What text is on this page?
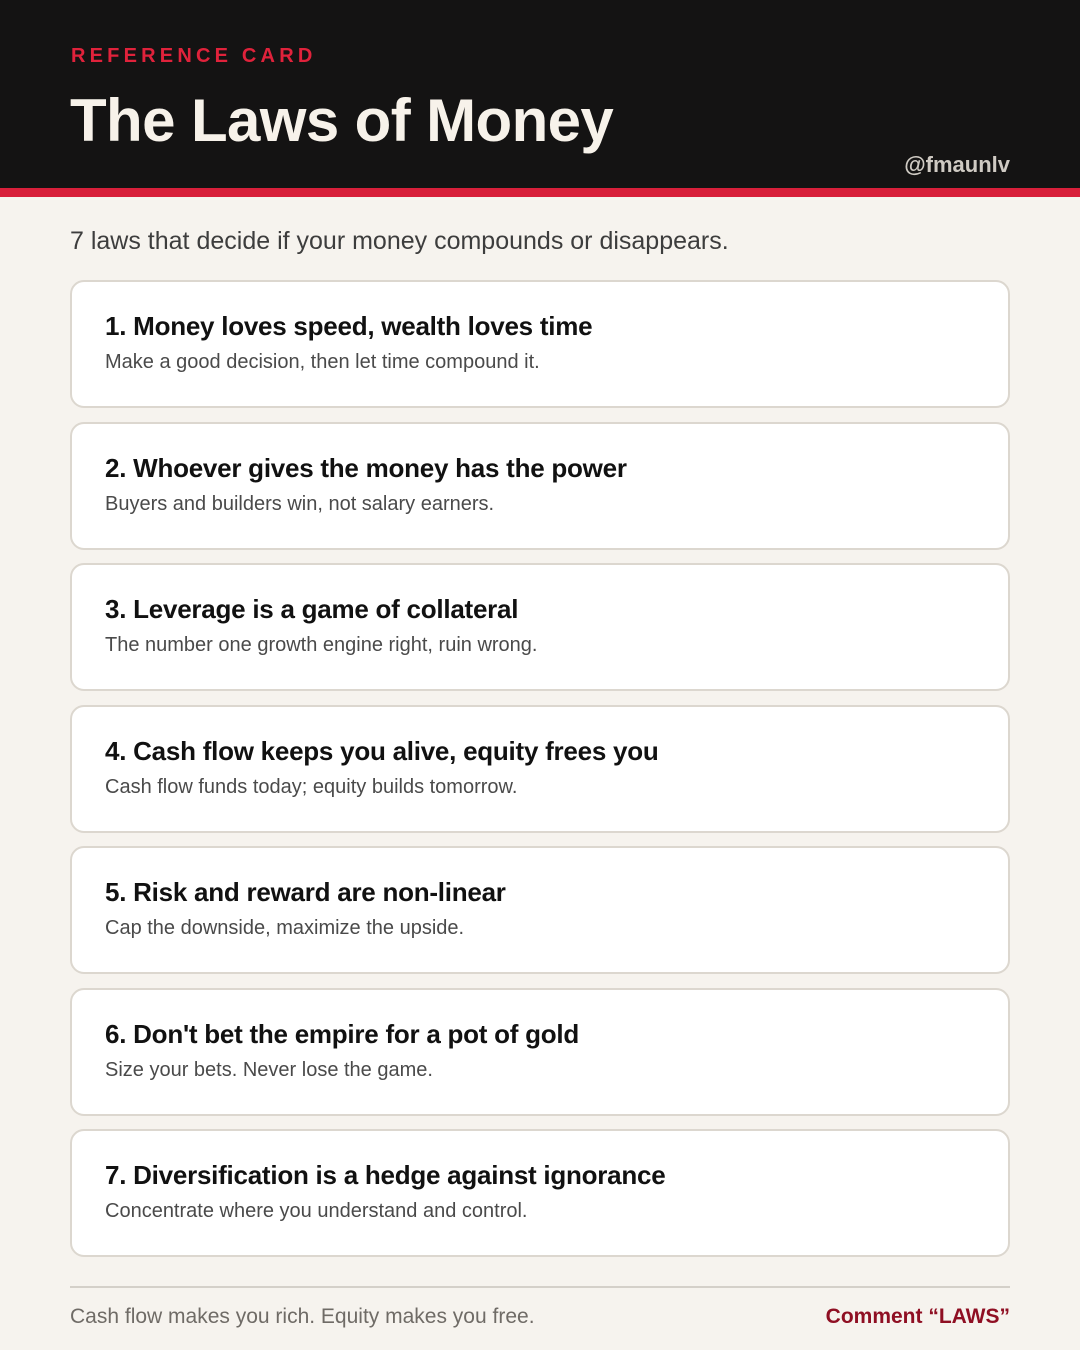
REFERENCE CARD
The Laws of Money
@fmaunlv

7 laws that decide if your money compounds or disappears.

1. Money loves speed, wealth loves time
Make a good decision, then let time compound it.
2. Whoever gives the money has the power
Buyers and builders win, not salary earners.
3. Leverage is a game of collateral
The number one growth engine right, ruin wrong.
4. Cash flow keeps you alive, equity frees you
Cash flow funds today; equity builds tomorrow.
5. Risk and reward are non-linear
Cap the downside, maximize the upside.
6. Don't bet the empire for a pot of gold
Size your bets. Never lose the game.
7. Diversification is a hedge against ignorance
Concentrate where you understand and control.
Cash flow makes you rich. Equity makes you free.	Comment “LAWS”
